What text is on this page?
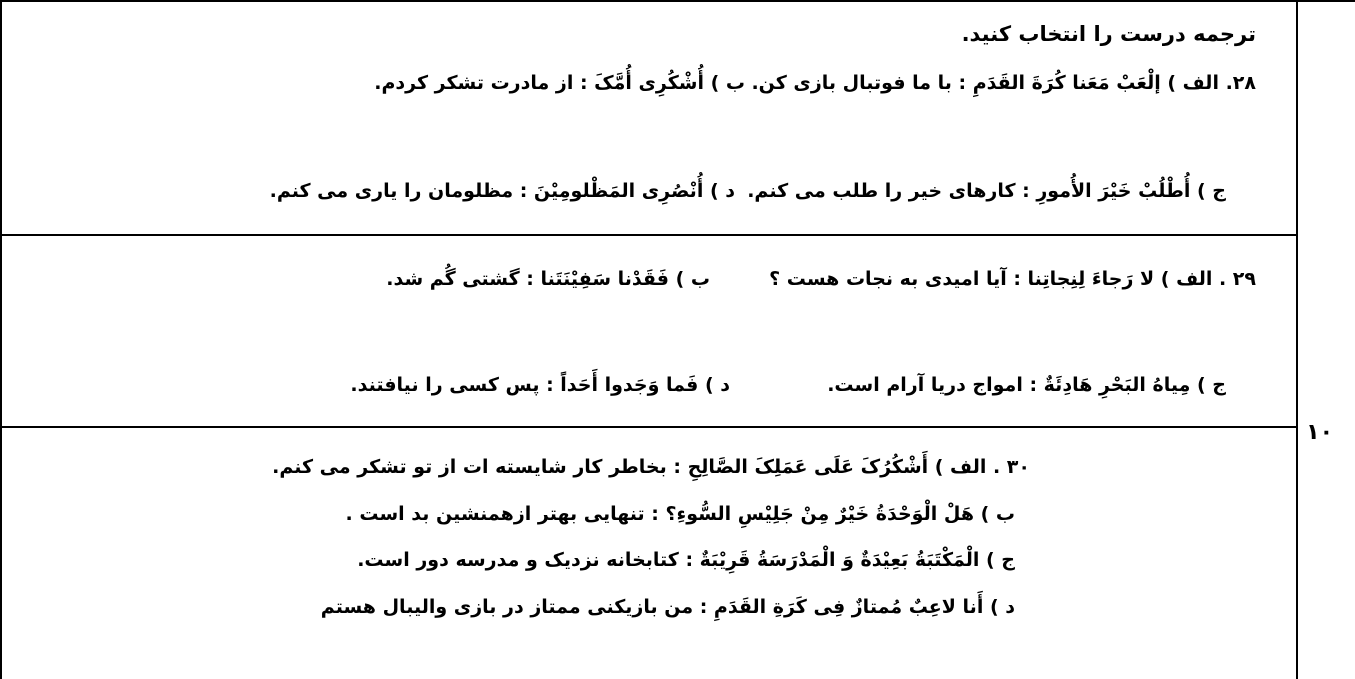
۱۰
ترجمه درست را انتخاب کنید.
۲۸. الف ) إلْعَبْ مَعَنا كُرَةَ القَدَمِ : با ما فوتبال بازی کن.
ب ) أُشْكُرِی أُمَّکَ : از مادرت تشکر کردم.
ج ) أُطْلُبْ خَیْرَ الأُمورِ : کارهای خیر را طلب می کنم.
د ) أُنْصُرِی المَظْلومِیْنَ : مظلومان را یاری می کنم.
۲۹ . الف ) لا رَجاءَ لِنِجاتِنا : آیا امیدی به نجات هست ؟
ب ) فَقَدْنا سَفِیْنَتَنا : گشتی گُم شد.
ج ) مِیاهُ البَحْرِ هَادِئَةٌ : امواج دریا آرام است.
د ) فَما وَجَدوا أَحَداً : پس کسی را نیافتند.
۳۰ . الف ) أَشْكُرُکَ عَلَی عَمَلِکَ الصَّالِحِ : بخاطر کار شایسته ات از تو تشکر می کنم.
ب ) هَلْ الْوَحْدَةُ خَیْرٌ مِنْ جَلِیْسِ السُّوءِ؟ : تنهایی بهتر ازهمنشین بد است .
ج ) الْمَكْتَبَةُ بَعِیْدَةٌ وَ الْمَدْرَسَةُ قَرِیْبَةٌ : کتابخانه نزدیک و مدرسه دور است.
د ) أَنا لاعِبٌ مُمتازٌ فِی كَرَةِ القَدَمِ : من بازیکنی ممتاز در بازی والیبال هستم
